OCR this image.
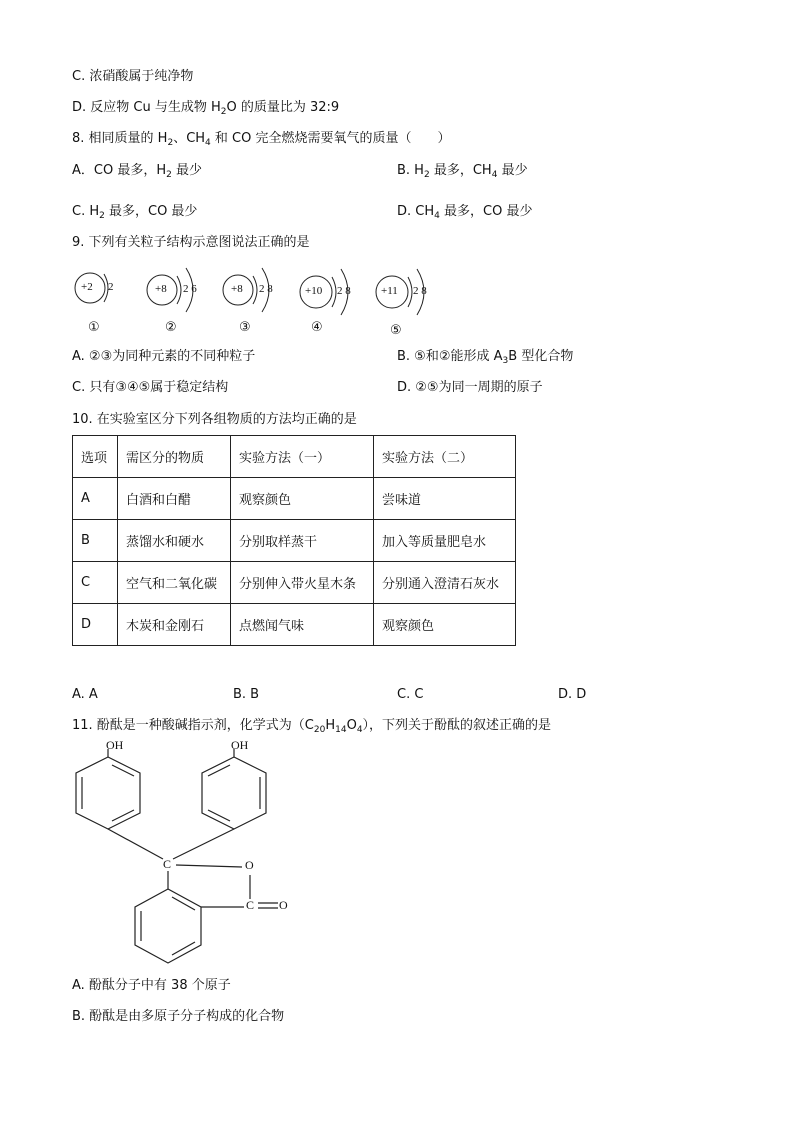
C. 浓硝酸属于纯净物
D. 反应物 Cu 与生成物 $H_2O$ 的质量比为 32:9
8. 相同质量的 $H_2$、$CH_4$ 和 CO 完全燃烧需要氧气的质量（　　）
A．CO 最多，$H_2$ 最少	B. $H_2$ 最多，$CH_4$ 最少
C. $H_2$ 最多，CO 最少	D. $CH_4$ 最多，CO 最少
9. 下列有关粒子结构示意图说法正确的是
+2 2	+8 2 6	+8 2 8	+10 2 8	+11 2 8
①	②	③	④	⑤
A. ②③为同种元素的不同种粒子	B. ⑤和②能形成 $A_3B$ 型化合物
C. 只有③④⑤属于稳定结构	D. ②⑤为同一周期的原子
10. 在实验室区分下列各组物质的方法均正确的是
选项	需区分的物质	实验方法（一）	实验方法（二）
A	白酒和白醋	观察颜色	尝味道
B	蒸馏水和硬水	分别取样蒸干	加入等质量肥皂水
C	空气和二氧化碳	分别伸入带火星木条	分别通入澄清石灰水
D	木炭和金刚石	点燃闻气味	观察颜色
A. A	B. B	C. C	D. D
11. 酚酞是一种酸碱指示剂，化学式为$(C_{20}H_{14}O_4)$，下列关于酚酞的叙述正确的是
OH	OH
C	O
C O
A. 酚酞分子中有 38 个原子
B. 酚酞是由多原子分子构成的化合物
